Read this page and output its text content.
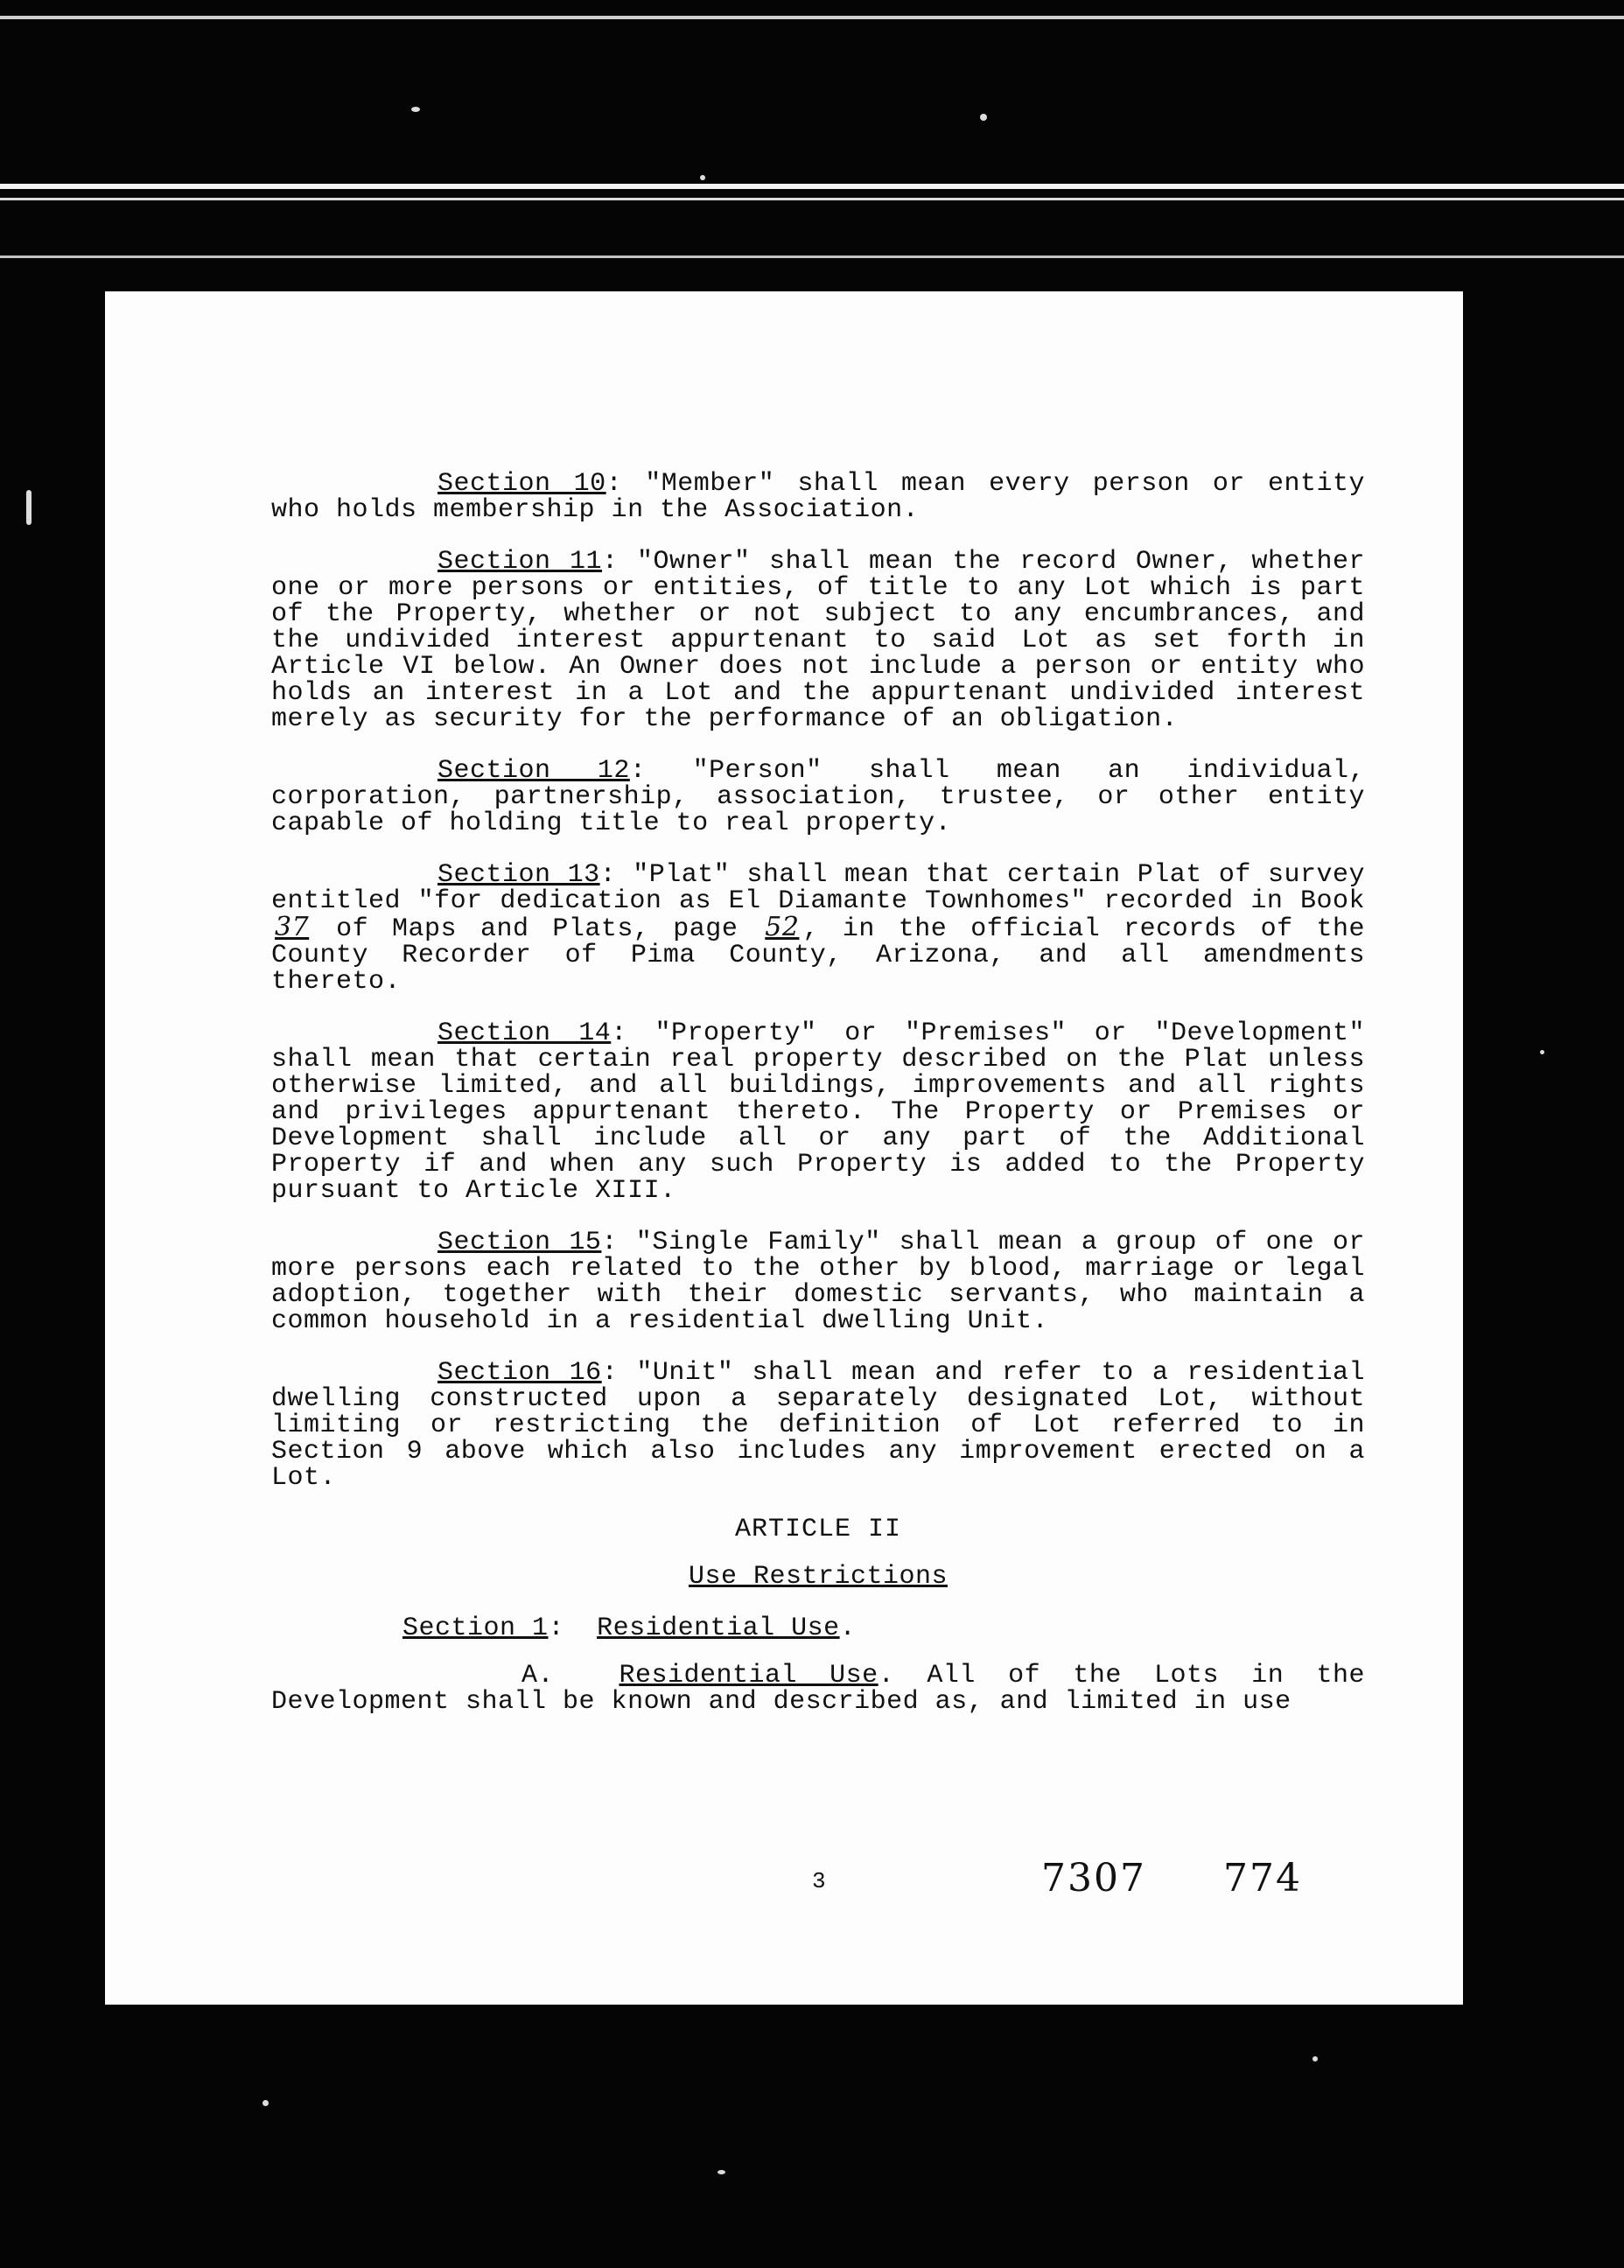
Section 10: "Member" shall mean every person or entity who holds membership in the Association.

Section 11: "Owner" shall mean the record Owner, whether one or more persons or entities, of title to any Lot which is part of the Property, whether or not subject to any encumbrances, and the undivided interest appurtenant to said Lot as set forth in Article VI below. An Owner does not include a person or entity who holds an interest in a Lot and the appurtenant undivided interest merely as security for the performance of an obligation.

Section 12: "Person" shall mean an individual, corporation, partnership, association, trustee, or other entity capable of holding title to real property.

Section 13: "Plat" shall mean that certain Plat of survey entitled "for dedication as El Diamante Townhomes" recorded in Book 37 of Maps and Plats, page 52 , in the official records of the County Recorder of Pima County, Arizona, and all amendments thereto.

Section 14: "Property" or "Premises" or "Development" shall mean that certain real property described on the Plat unless otherwise limited, and all buildings, improvements and all rights and privileges appurtenant thereto. The Property or Premises or Development shall include all or any part of the Additional Property if and when any such Property is added to the Property pursuant to Article XIII.

Section 15: "Single Family" shall mean a group of one or more persons each related to the other by blood, marriage or legal adoption, together with their domestic servants, who maintain a common household in a residential dwelling Unit.

Section 16: "Unit" shall mean and refer to a residential dwelling constructed upon a separately designated Lot, without limiting or restricting the definition of Lot referred to in Section 9 above which also includes any improvement erected on a Lot.

ARTICLE II
Use Restrictions
Section 1: Residential Use.

A. Residential Use. All of the Lots in the Development shall be known and described as, and limited in use

3	7307 774
